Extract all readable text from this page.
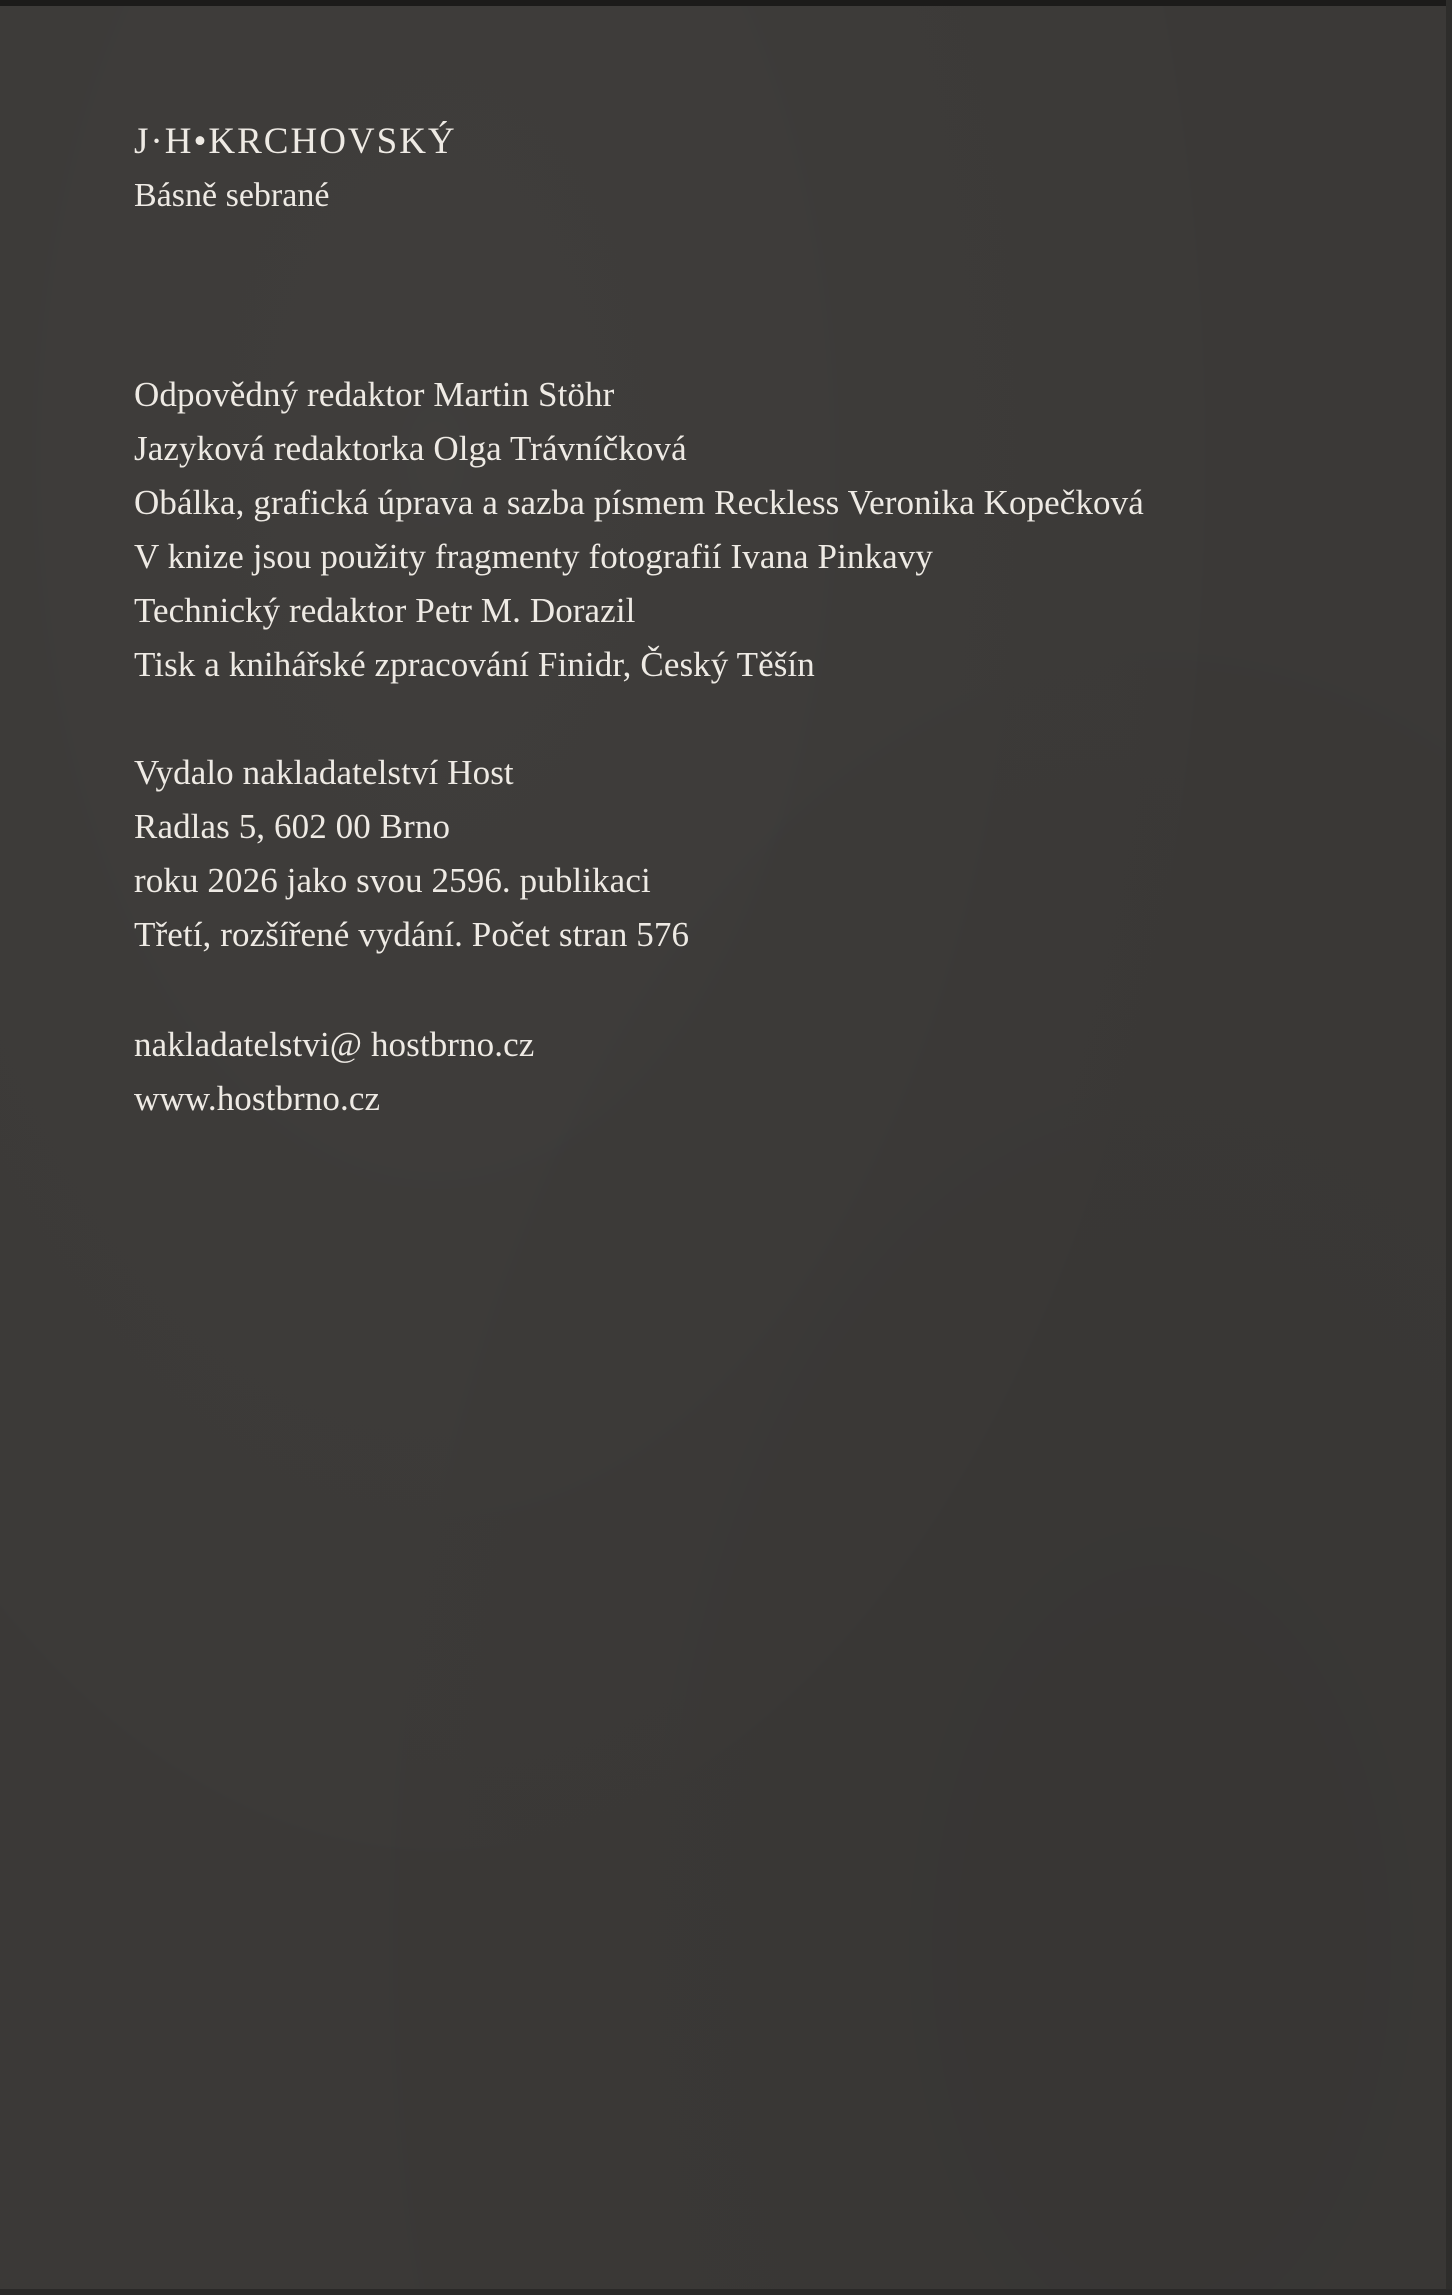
J·H•KRCHOVSKÝ
Básně sebrané
Odpovědný redaktor Martin Stöhr
Jazyková redaktorka Olga Trávníčková
Obálka, grafická úprava a sazba písmem Reckless Veronika Kopečková
V knize jsou použity fragmenty fotografií Ivana Pinkavy
Technický redaktor Petr M. Dorazil
Tisk a knihářské zpracování Finidr, Český Těšín
Vydalo nakladatelství Host
Radlas 5, 602 00 Brno
roku 2026 jako svou 2596. publikaci
Třetí, rozšířené vydání. Počet stran 576
nakladatelstvi@ hostbrno.cz
www.hostbrno.cz
